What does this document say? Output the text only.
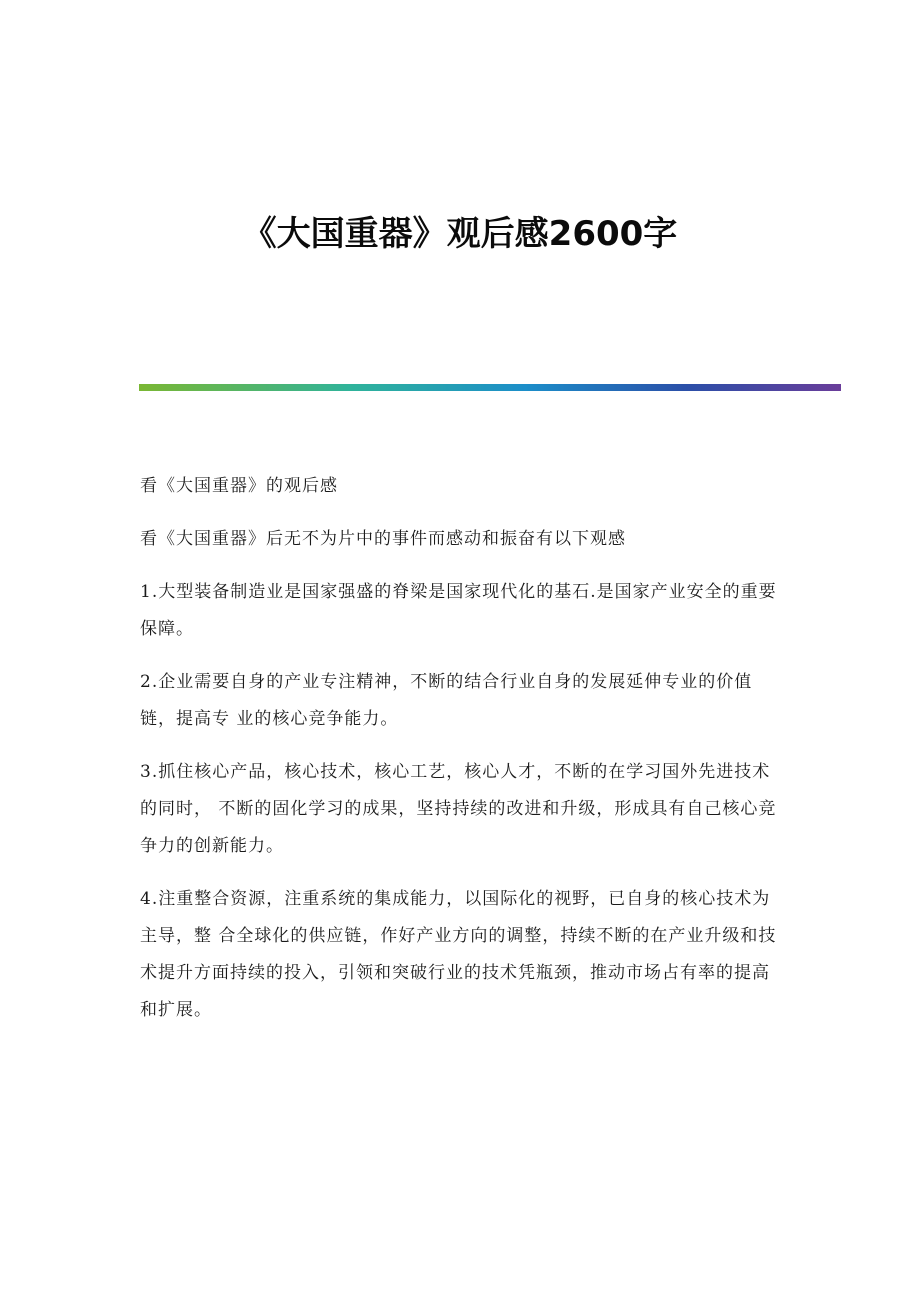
《大国重器》观后感2600字

看《大国重器》的观后感

看《大国重器》后无不为片中的事件而感动和振奋有以下观感

1.大型装备制造业是国家强盛的脊梁是国家现代化的基石.是国家产业安全的重要保障。

2.企业需要自身的产业专注精神，不断的结合行业自身的发展延伸专业的价值链，提高专 业的核心竞争能力。

3.抓住核心产品，核心技术，核心工艺，核心人才，不断的在学习国外先进技术的同时， 不断的固化学习的成果，坚持持续的改进和升级，形成具有自己核心竞争力的创新能力。

4.注重整合资源，注重系统的集成能力，以国际化的视野，已自身的核心技术为主导，整 合全球化的供应链，作好产业方向的调整，持续不断的在产业升级和技术提升方面持续的投入，引领和突破行业的技术凭瓶颈，推动市场占有率的提高和扩展。
